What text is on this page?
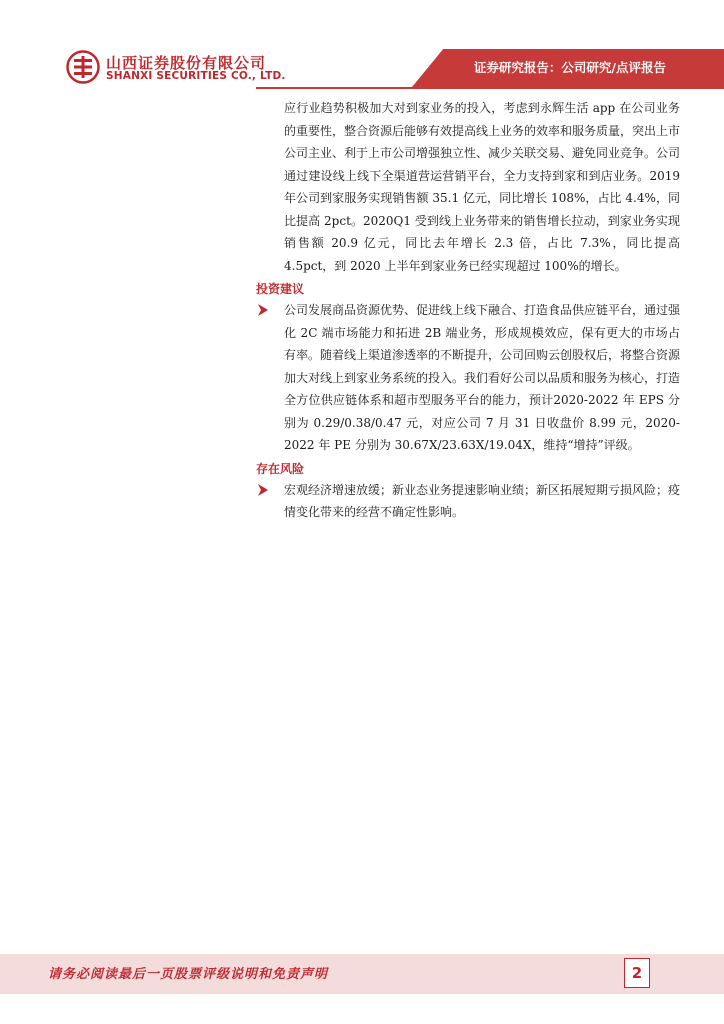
山西证券股份有限公司
SHANXI SECURITIES CO., LTD.
证券研究报告：公司研究/点评报告

应行业趋势积极加大对到家业务的投入，考虑到永辉生活 app 在公司业务的重要性，整合资源后能够有效提高线上业务的效率和服务质量，突出上市公司主业、利于上市公司增强独立性、减少关联交易、避免同业竞争。公司通过建设线上线下全渠道营运营销平台，全力支持到家和到店业务。2019 年公司到家服务实现销售额 35.1 亿元，同比增长 108%，占比 4.4%，同比提高 2pct。2020Q1 受到线上业务带来的销售增长拉动，到家业务实现销售额 20.9 亿元，同比去年增长 2.3 倍，占比 7.3%，同比提高 4.5pct，到 2020 上半年到家业务已经实现超过 100%的增长。

投资建议
公司发展商品资源优势、促进线上线下融合、打造食品供应链平台，通过强化 2C 端市场能力和拓进 2B 端业务，形成规模效应，保有更大的市场占有率。随着线上渠道渗透率的不断提升，公司回购云创股权后，将整合资源加大对线上到家业务系统的投入。我们看好公司以品质和服务为核心，打造全方位供应链体系和超市型服务平台的能力，预计2020-2022 年 EPS 分别为 0.29/0.38/0.47 元，对应公司 7 月 31 日收盘价 8.99 元，2020-2022 年 PE 分别为 30.67X/23.63X/19.04X，维持“增持”评级。
存在风险
宏观经济增速放缓；新业态业务提速影响业绩；新区拓展短期亏损风险；疫情变化带来的经营不确定性影响。
请务必阅读最后一页股票评级说明和免责声明	2
